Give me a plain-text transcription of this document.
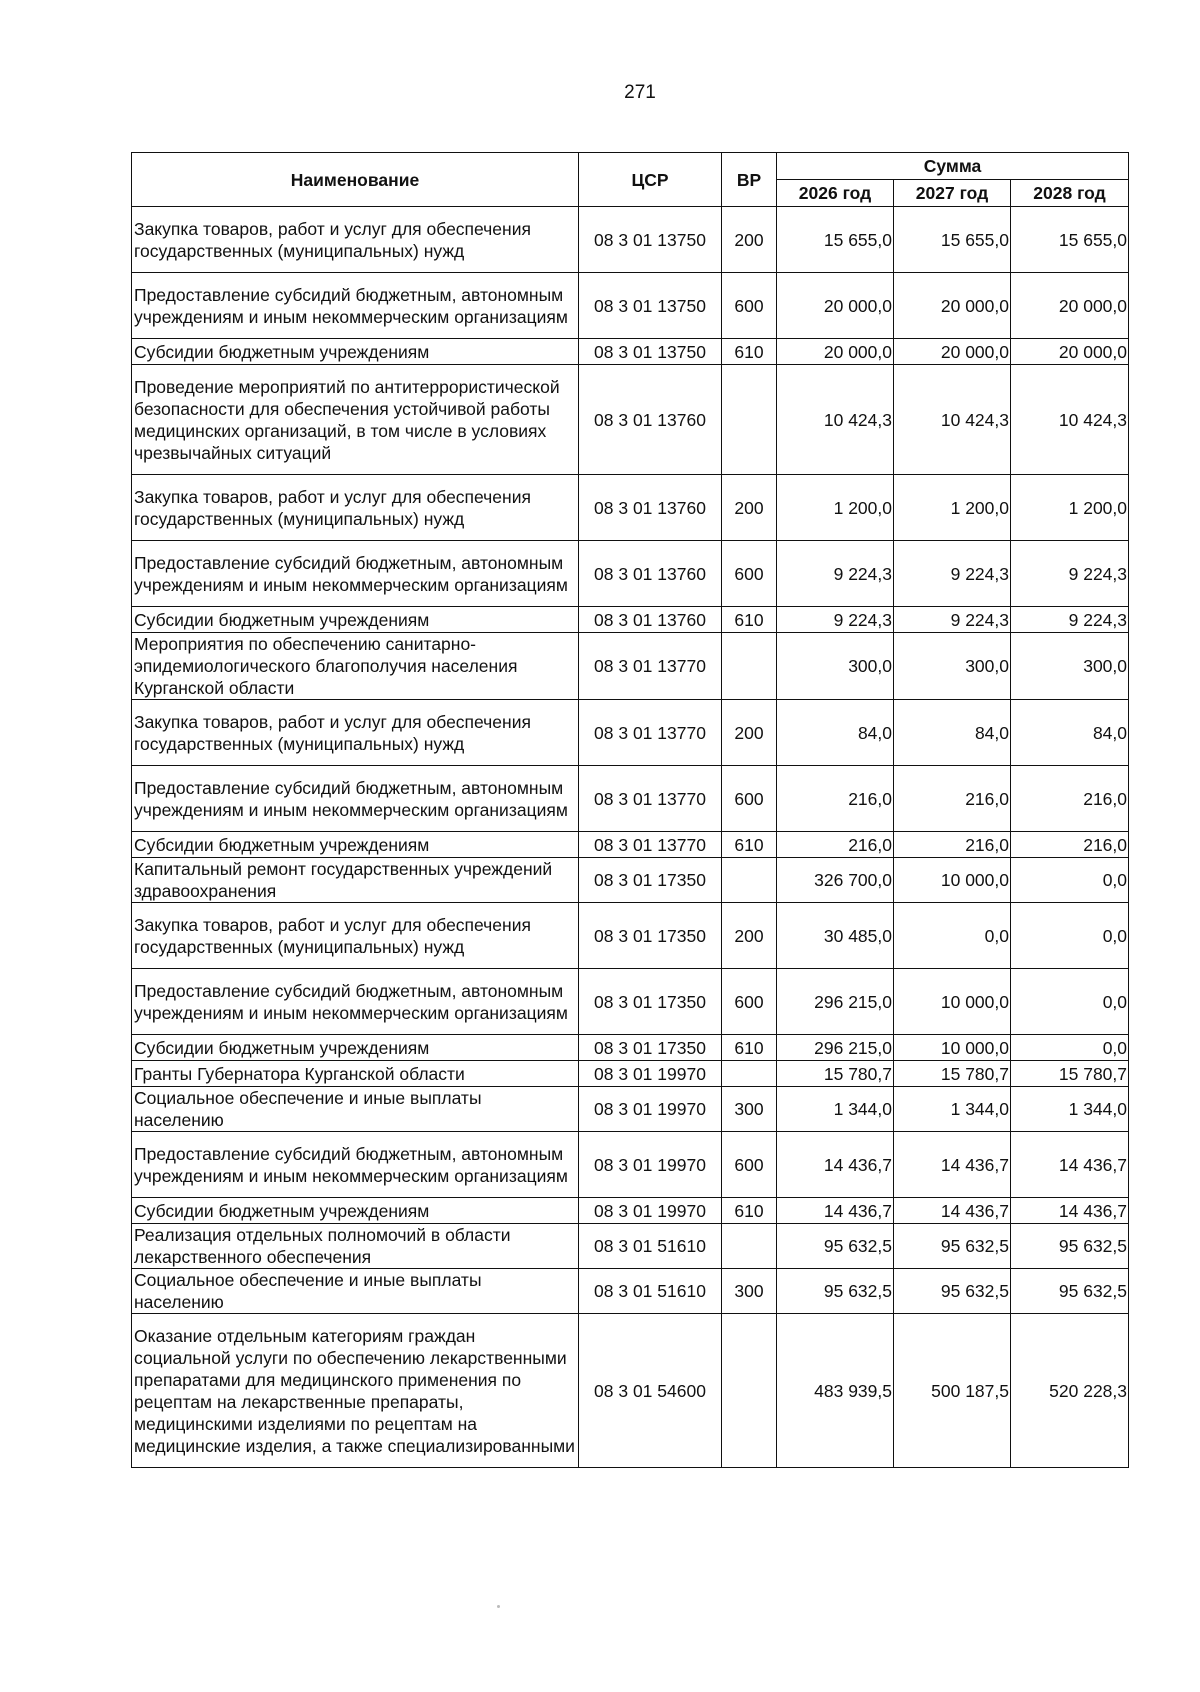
271
Наименование	ЦСР	ВР	Сумма		
			2026 год	2027 год	2028 год
Закупка товаров, работ и услуг для обеспечения государственных (муниципальных) нужд	08 3 01 13750	200	15 655,0	15 655,0	15 655,0
Предоставление субсидий бюджетным, автономным учреждениям и иным некоммерческим организациям	08 3 01 13750	600	20 000,0	20 000,0	20 000,0
Субсидии бюджетным учреждениям	08 3 01 13750	610	20 000,0	20 000,0	20 000,0
Проведение мероприятий по антитеррористической безопасности для обеспечения устойчивой работы медицинских организаций, в том числе в условиях чрезвычайных ситуаций	08 3 01 13760		10 424,3	10 424,3	10 424,3
Закупка товаров, работ и услуг для обеспечения государственных (муниципальных) нужд	08 3 01 13760	200	1 200,0	1 200,0	1 200,0
Предоставление субсидий бюджетным, автономным учреждениям и иным некоммерческим организациям	08 3 01 13760	600	9 224,3	9 224,3	9 224,3
Субсидии бюджетным учреждениям	08 3 01 13760	610	9 224,3	9 224,3	9 224,3
Мероприятия по обеспечению санитарно-эпидемиологического благополучия населения Курганской области	08 3 01 13770		300,0	300,0	300,0
Закупка товаров, работ и услуг для обеспечения государственных (муниципальных) нужд	08 3 01 13770	200	84,0	84,0	84,0
Предоставление субсидий бюджетным, автономным учреждениям и иным некоммерческим организациям	08 3 01 13770	600	216,0	216,0	216,0
Субсидии бюджетным учреждениям	08 3 01 13770	610	216,0	216,0	216,0
Капитальный ремонт государственных учреждений здравоохранения	08 3 01 17350		326 700,0	10 000,0	0,0
Закупка товаров, работ и услуг для обеспечения государственных (муниципальных) нужд	08 3 01 17350	200	30 485,0	0,0	0,0
Предоставление субсидий бюджетным, автономным учреждениям и иным некоммерческим организациям	08 3 01 17350	600	296 215,0	10 000,0	0,0
Субсидии бюджетным учреждениям	08 3 01 17350	610	296 215,0	10 000,0	0,0
Гранты Губернатора Курганской области	08 3 01 19970		15 780,7	15 780,7	15 780,7
Социальное обеспечение и иные выплаты населению	08 3 01 19970	300	1 344,0	1 344,0	1 344,0
Предоставление субсидий бюджетным, автономным учреждениям и иным некоммерческим организациям	08 3 01 19970	600	14 436,7	14 436,7	14 436,7
Субсидии бюджетным учреждениям	08 3 01 19970	610	14 436,7	14 436,7	14 436,7
Реализация отдельных полномочий в области лекарственного обеспечения	08 3 01 51610		95 632,5	95 632,5	95 632,5
Социальное обеспечение и иные выплаты населению	08 3 01 51610	300	95 632,5	95 632,5	95 632,5
Оказание отдельным категориям граждан социальной услуги по обеспечению лекарственными препаратами для медицинского применения по рецептам на лекарственные препараты, медицинскими изделиями по рецептам на медицинские изделия, а также специализированными	08 3 01 54600		483 939,5	500 187,5	520 228,3
